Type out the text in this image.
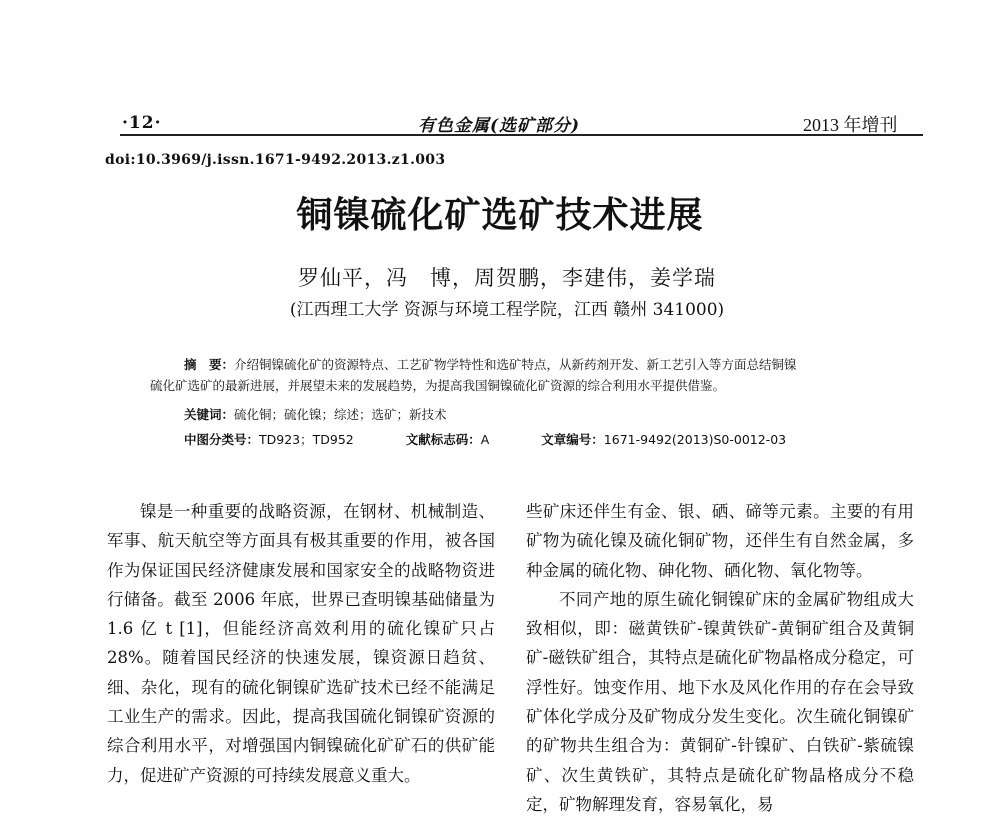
·12·	有色金属(选矿部分)	2013 年增刊
doi:10.3969/j.issn.1671-9492.2013.z1.003
铜镍硫化矿选矿技术进展
罗仙平，冯　博，周贺鹏，李建伟，姜学瑞
(江西理工大学 资源与环境工程学院，江西 赣州 341000)
摘　要：介绍铜镍硫化矿的资源特点、工艺矿物学特性和选矿特点，从新药剂开发、新工艺引入等方面总结铜镍
硫化矿选矿的最新进展，并展望未来的发展趋势，为提高我国铜镍硫化矿资源的综合利用水平提供借鉴。
关键词：硫化铜；硫化镍；综述；选矿；新技术
中图分类号：TD923；TD952	文献标志码：A	文章编号：1671-9492(2013)S0-0012-03

镍是一种重要的战略资源，在钢材、机械制造、军事、航天航空等方面具有极其重要的作用，被各国作为保证国民经济健康发展和国家安全的战略物资进行储备。截至 2006 年底，世界已查明镍基础储量为 1.6 亿 t [1]，但能经济高效利用的硫化镍矿只占 28%。随着国民经济的快速发展，镍资源日趋贫、细、杂化，现有的硫化铜镍矿选矿技术已经不能满足工业生产的需求。因此，提高我国硫化铜镍矿资源的综合利用水平，对增强国内铜镍硫化矿矿石的供矿能力，促进矿产资源的可持续发展意义重大。

些矿床还伴生有金、银、硒、碲等元素。主要的有用矿物为硫化镍及硫化铜矿物，还伴生有自然金属，多种金属的硫化物、砷化物、硒化物、氧化物等。

不同产地的原生硫化铜镍矿床的金属矿物组成大致相似，即：磁黄铁矿-镍黄铁矿-黄铜矿组合及黄铜矿-磁铁矿组合，其特点是硫化矿物晶格成分稳定，可浮性好。蚀变作用、地下水及风化作用的存在会导致矿体化学成分及矿物成分发生变化。次生硫化铜镍矿的矿物共生组合为：黄铜矿-针镍矿、白铁矿-紫硫镍矿、次生黄铁矿，其特点是硫化矿物晶格成分不稳定，矿物解理发育，容易氧化，易
